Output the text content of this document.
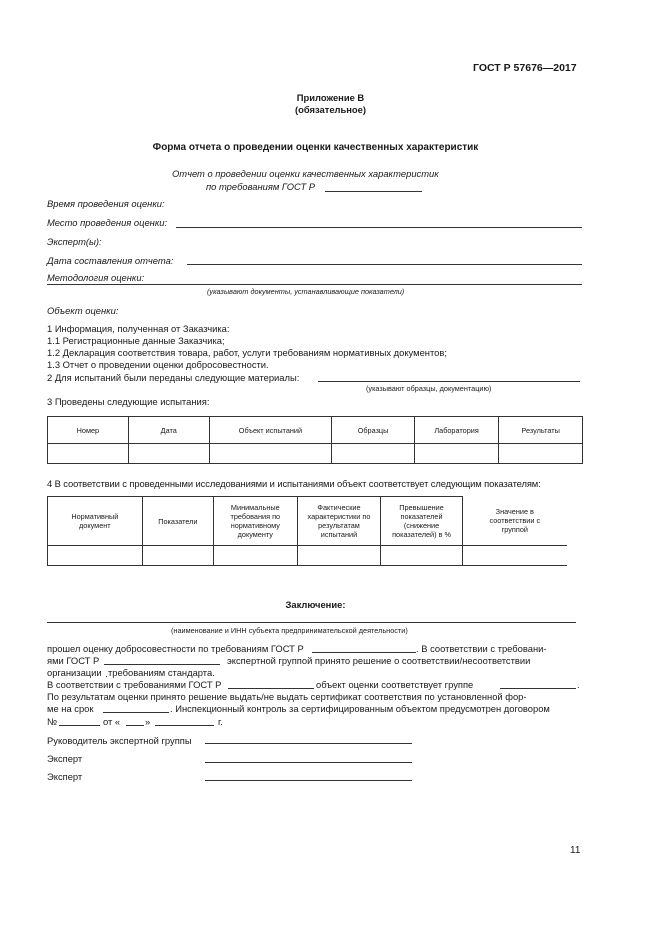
ГОСТ Р 57676—2017
Приложение В
(обязательное)
Форма отчета о проведении оценки качественных характеристик
Отчет о проведении оценки качественных характеристик
по требованиям ГОСТ Р
Время проведения оценки:
Место проведения оценки:
Эксперт(ы):
Дата составления отчета:
Методология оценки:
(указывают документы, устанавливающие показатели)
Объект оценки:
1 Информация, полученная от Заказчика:
1.1 Регистрационные данные Заказчика;
1.2 Декларация соответствия товара, работ, услуги требованиям нормативных документов;
1.3 Отчет о проведении оценки добросовестности.
2 Для испытаний были переданы следующие материалы:
(указывают образцы, документацию)
3 Проведены следующие испытания:
Номер	Дата	Объект испытаний	Образцы	Лаборатория	Результаты

4 В соответствии с проведенными исследованиями и испытаниями объект соответствует следующим показателям:
Нормативный документ	Показатели	Минимальные требования по нормативному документу	Фактические характеристики по результатам испытаний	Превышение показателей (снижение показателей) в %	Значение в соответствии с группой

Заключение:
(наименование и ИНН субъекта предпринимательской деятельности)
прошел оценку добросовестности по требованиям ГОСТ Р	. В соответствии с требовани-
ями ГОСТ Р	экспертной группой принято решение о соответствии/несоответствии
организации требованиям стандарта.
В соответствии с требованиями ГОСТ Р	объект оценки соответствует группе	.
По результатам оценки принято решение выдать/не выдать сертификат соответствия по установленной фор-
ме на срок	. Инспекционный контроль за сертифицированным объектом предусмотрен договором
№	от «	»	г.
Руководитель экспертной группы
Эксперт
Эксперт
11
